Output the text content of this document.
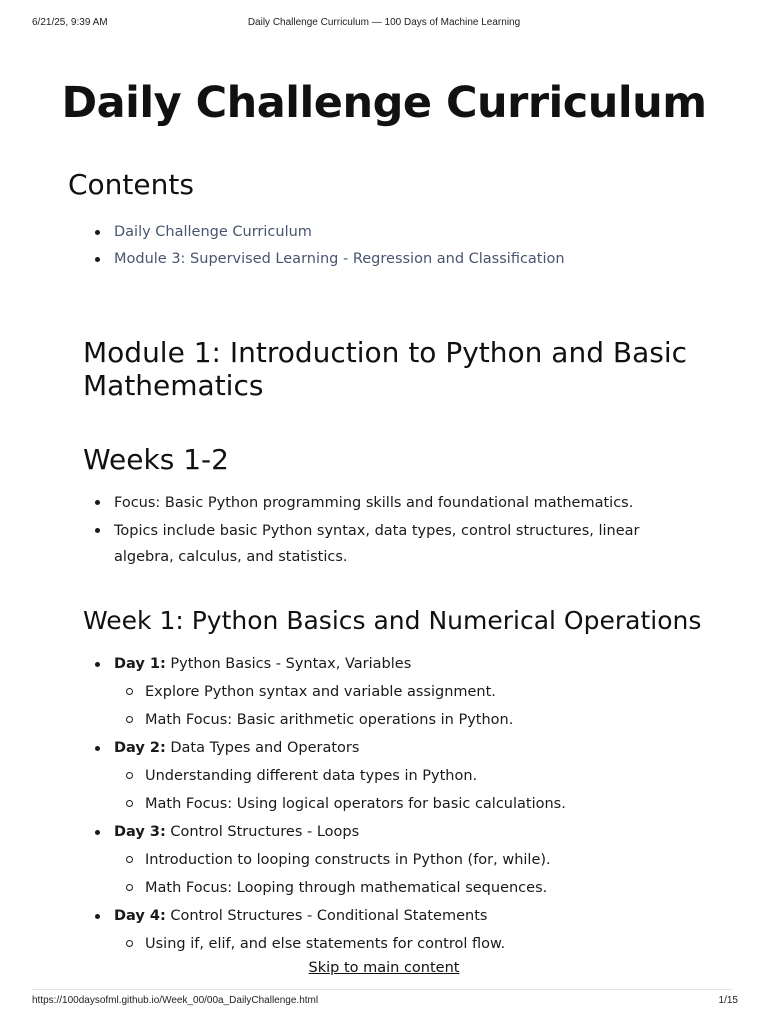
6/21/25, 9:39 AM	Daily Challenge Curriculum — 100 Days of Machine Learning
Daily Challenge Curriculum
Contents
Daily Challenge Curriculum
Module 3: Supervised Learning - Regression and Classification
Module 1: Introduction to Python and Basic Mathematics
Weeks 1-2
Focus: Basic Python programming skills and foundational mathematics.
Topics include basic Python syntax, data types, control structures, linear algebra, calculus, and statistics.
Week 1: Python Basics and Numerical Operations
Day 1: Python Basics - Syntax, Variables
Explore Python syntax and variable assignment.
Math Focus: Basic arithmetic operations in Python.
Day 2: Data Types and Operators
Understanding different data types in Python.
Math Focus: Using logical operators for basic calculations.
Day 3: Control Structures - Loops
Introduction to looping constructs in Python (for, while).
Math Focus: Looping through mathematical sequences.
Day 4: Control Structures - Conditional Statements
Using if, elif, and else statements for control flow.
Skip to main content
https://100daysofml.github.io/Week_00/00a_DailyChallenge.html	1/15
